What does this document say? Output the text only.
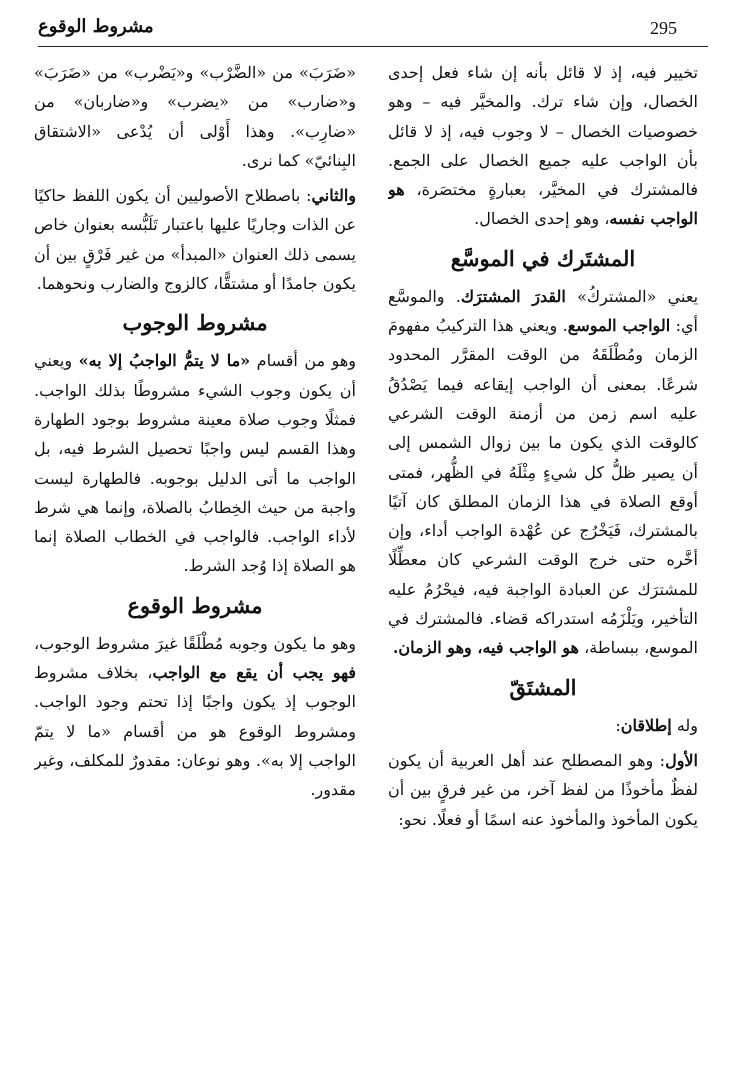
295
مشروط الوقوع

تخيير فيه، إذ لا قائل بأنه إن شاء فعل إحدى الخصال، وإن شاء ترك. والمخيَّر فيه – وهو خصوصيات الخصال – لا وجوب فيه، إذ لا قائل بأن الواجب عليه جميع الخصال على الجمع. فالمشترك في المخيَّر، بعبارةٍ مختصَرة، هو الواجب نفسه، وهو إحدى الخصال.

المشتَرك في الموسَّع

يعني «المشتركُ» القدرَ المشترَك. والموسَّع أي: الواجب الموسع. ويعني هذا التركيبُ مفهومَ الزمان ومُطْلَقَهُ من الوقت المقرَّر المحدود شرعًا. بمعنى أن الواجب إيقاعه فيما يَصْدُقُ عليه اسم زمن من أزمنة الوقت الشرعي كالوقت الذي يكون ما بين زوال الشمس إلى أن يصير ظلُّ كل شيءٍ مِثْلَهُ في الظُّهر، فمتى أوقع الصلاة في هذا الزمان المطلق كان آتيًا بالمشترك، فَيَخْرُج عن عُهْدة الواجب أداء، وإن أخَّره حتى خرج الوقت الشرعي كان معطِّلًا للمشترَك عن العبادة الواجبة فيه، فيحْرُمُ عليه التأخير، ويَلْزَمُه استدراكه قضاء. فالمشترك في الموسع، ببساطة، هو الواجب فيه، وهو الزمان.

المشتَقّ

وله إطلاقان:

الأول: وهو المصطلح عند أهل العربية أن يكون لفظٌ مأخوذًا من لفظ آخر، من غير فرقٍ بين أن يكون المأخوذ والمأخوذ عنه اسمًا أو فعلًا. نحو:

«ضَرَبَ» من «الضَّرْب» و«يَضْرب» من «ضَرَبَ» و«ضارب» من «يضرب» و«ضاربان» من «ضارِب». وهذا أَوْلى أن يُدْعى «الاشتقاق البِنائيّ» كما نرى.

والثاني: باصطلاح الأصوليين أن يكون اللفظ حاكيًا عن الذات وجاريًا عليها باعتبار تَلَبُّسه بعنوان خاص يسمى ذلك العنوان «المبدأ» من غير فَرْقٍ بين أن يكون جامدًا أو مشتقًّا، كالزوج والضارب ونحوهما.

مشروط الوجوب

وهو من أقسام «ما لا يتمُّ الواجبُ إلا به» ويعني أن يكون وجوب الشيء مشروطًا بذلك الواجب. فمثلًا وجوب صلاة معينة مشروط بوجود الطهارة وهذا القسم ليس واجبًا تحصيل الشرط فيه، بل الواجب ما أتى الدليل بوجوبه. فالطهارة ليست واجبة من حيث الخِطابُ بالصلاة، وإنما هي شرط لأداء الواجب. فالواجب في الخطاب الصلاة إنما هو الصلاة إذا وُجد الشرط.

مشروط الوقوع

وهو ما يكون وجوبه مُطْلَقًا غيرَ مشروط الوجوب، فهو يجب أن يقع مع الواجب، بخلاف مشروط الوجوب إذ يكون واجبًا إذا تحتم وجود الواجب. ومشروط الوقوع هو من أقسام «ما لا يتمّ الواجب إلا به». وهو نوعان: مقدورٌ للمكلف، وغير مقدور.
